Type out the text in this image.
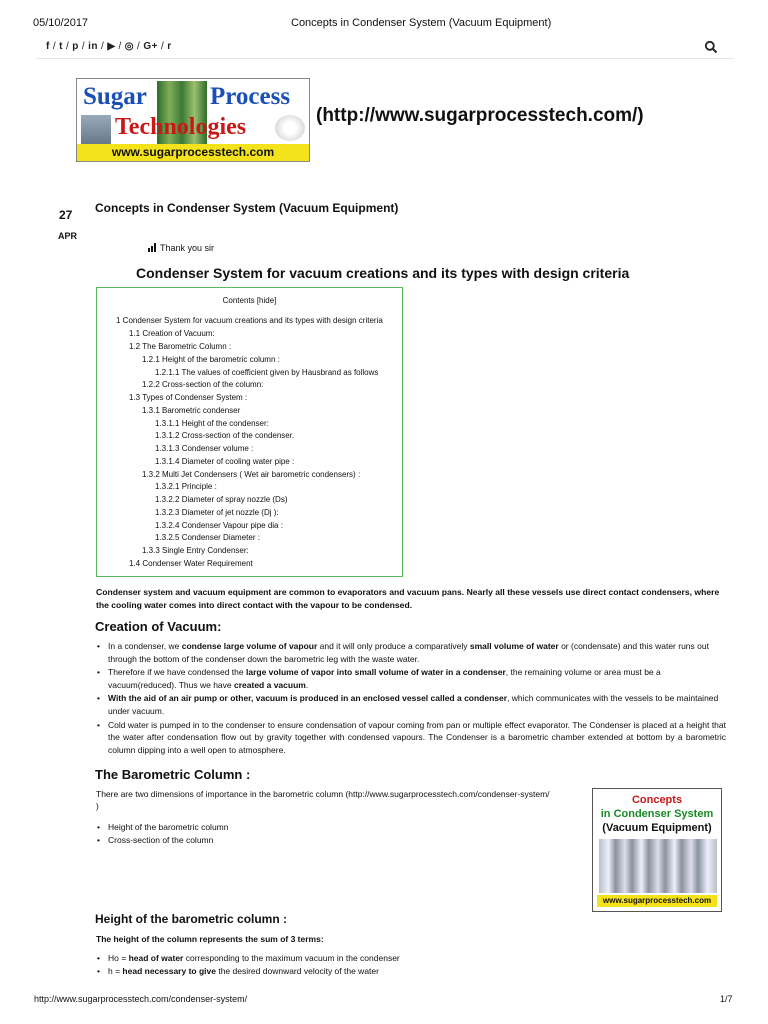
05/10/2017	Concepts in Condenser System (Vacuum Equipment)
f / t / p / in / ▶ / ◎ / G+ / r
Sugar	Process
Technologies
www.sugarprocesstech.com
(http://www.sugarprocesstech.com/)
27
APR
Concepts in Condenser System (Vacuum Equipment)
Thank you sir
Condenser System for vacuum creations and its types with design criteria
Contents [hide]
1 Condenser System for vacuum creations and its types with design criteria
1.1 Creation of Vacuum:
1.2 The Barometric Column :
1.2.1 Height of the barometric column :
1.2.1.1 The values of coefficient given by Hausbrand as follows
1.2.2 Cross-section of the column:
1.3 Types of Condenser System :
1.3.1 Barometric condenser
1.3.1.1 Height of the condenser:
1.3.1.2 Cross-section of the condenser.
1.3.1.3 Condenser volume :
1.3.1.4 Diameter of cooling water pipe :
1.3.2 Multi Jet Condensers ( Wet air barometric condensers) :
1.3.2.1 Principle :
1.3.2.2 Diameter of spray nozzle (Ds)
1.3.2.3 Diameter of jet nozzle (Dj ):
1.3.2.4 Condenser Vapour pipe dia :
1.3.2.5 Condenser Diameter :
1.3.3 Single Entry Condenser:
1.4 Condenser Water Requirement
Condenser system and vacuum equipment are common to evaporators and vacuum pans. Nearly all these vessels use direct contact condensers, where the cooling water comes into direct contact with the vapour to be condensed.
Creation of Vacuum:
• In a condenser, we condense large volume of vapour and it will only produce a comparatively small volume of water or (condensate) and this water runs out through the bottom of the condenser down the barometric leg with the waste water.
• Therefore if we have condensed the large volume of vapor into small volume of water in a condenser, the remaining volume or area must be a vacuum(reduced). Thus we have created a vacuum.
• With the aid of an air pump or other, vacuum is produced in an enclosed vessel called a condenser, which communicates with the vessels to be maintained under vacuum.
• Cold water is pumped in to the condenser to ensure condensation of vapour coming from pan or multiple effect evaporator. The Condenser is placed at a height that the water after condensation flow out by gravity together with condensed vapours. The Condenser is a barometric chamber extended at bottom by a barometric column dipping into a well open to atmosphere.
The Barometric Column :
There are two dimensions of importance in the barometric column (http://www.sugarprocesstech.com/condenser-system/
)
• Height of the barometric column
• Cross-section of the column
Concepts
in Condenser System
(Vacuum Equipment)
www.sugarprocesstech.com
Height of the barometric column :
The height of the column represents the sum of 3 terms:
• Ho = head of water corresponding to the maximum vacuum in the condenser
• h = head necessary to give the desired downward velocity of the water
http://www.sugarprocesstech.com/condenser-system/	1/7
